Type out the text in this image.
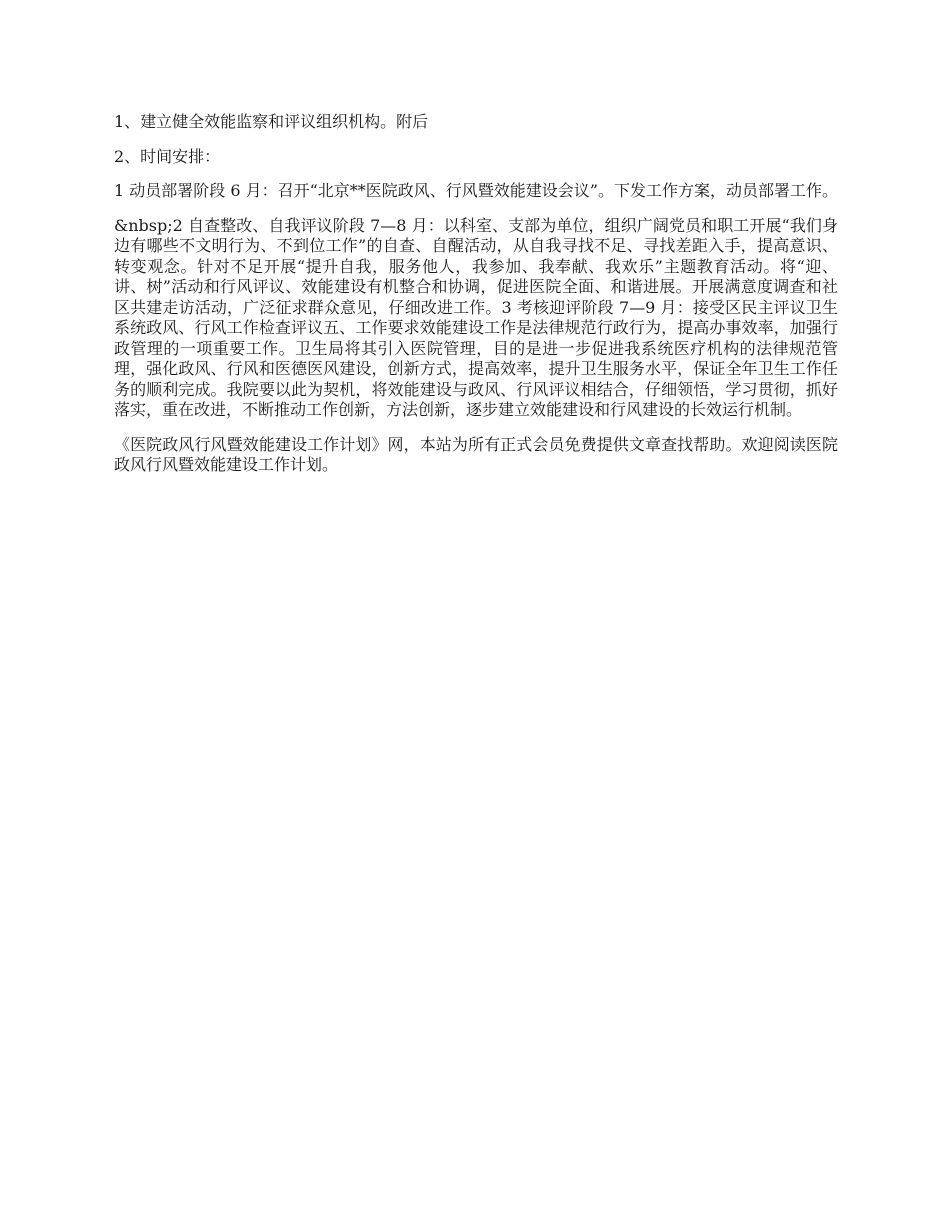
1、建立健全效能监察和评议组织机构。附后

2、时间安排：

1 动员部署阶段 6 月：召开“北京**医院政风、行风暨效能建设会议”。下发工作方案，动员部署工作。

&nbsp;2 自查整改、自我评议阶段 7—8 月：以科室、支部为单位，组织广阔党员和职工开展“我们身边有哪些不文明行为、不到位工作”的自查、自醒活动，从自我寻找不足、寻找差距入手，提高意识、转变观念。针对不足开展“提升自我，服务他人，我参加、我奉献、我欢乐”主题教育活动。将“迎、讲、树”活动和行风评议、效能建设有机整合和协调，促进医院全面、和谐进展。开展满意度调查和社区共建走访活动，广泛征求群众意见，仔细改进工作。3 考核迎评阶段 7—9 月：接受区民主评议卫生系统政风、行风工作检查评议五、工作要求效能建设工作是法律规范行政行为，提高办事效率，加强行政管理的一项重要工作。卫生局将其引入医院管理，目的是进一步促进我系统医疗机构的法律规范管理，强化政风、行风和医德医风建设，创新方式，提高效率，提升卫生服务水平，保证全年卫生工作任务的顺利完成。我院要以此为契机，将效能建设与政风、行风评议相结合，仔细领悟，学习贯彻，抓好落实，重在改进，不断推动工作创新，方法创新，逐步建立效能建设和行风建设的长效运行机制。

《医院政风行风暨效能建设工作计划》网，本站为所有正式会员免费提供文章查找帮助。欢迎阅读医院政风行风暨效能建设工作计划。
